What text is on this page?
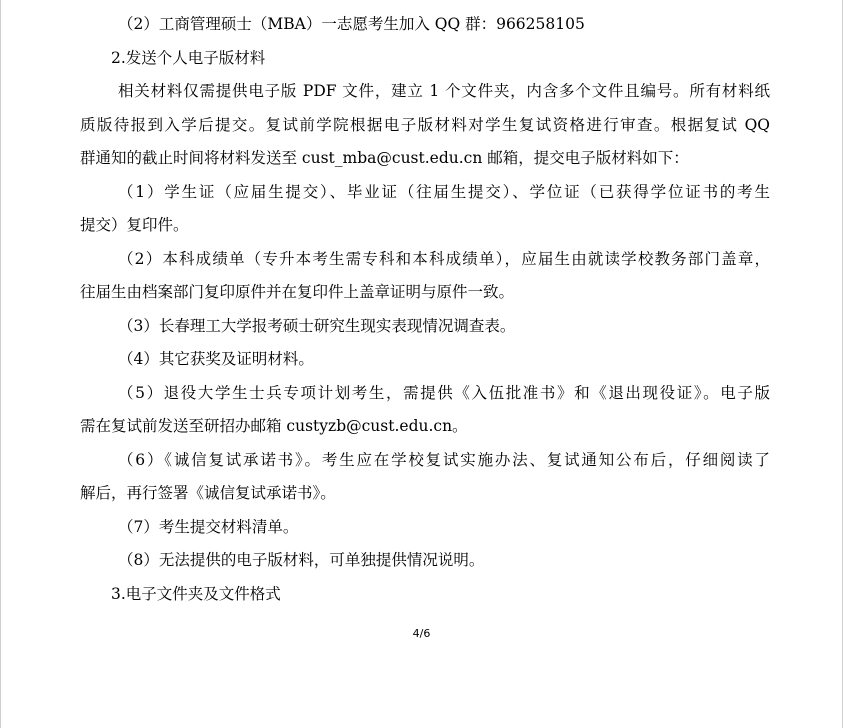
（2）工商管理硕士（MBA）一志愿考生加入 QQ 群：966258105
2.发送个人电子版材料
相关材料仅需提供电子版 PDF 文件，建立 1 个文件夹，内含多个文件且编号。所有材料纸
质版待报到入学后提交。复试前学院根据电子版材料对学生复试资格进行审查。根据复试 QQ
群通知的截止时间将材料发送至 cust_mba@cust.edu.cn 邮箱，提交电子版材料如下：
（1）学生证（应届生提交）、毕业证（往届生提交）、学位证（已获得学位证书的考生
提交）复印件。
（2）本科成绩单（专升本考生需专科和本科成绩单），应届生由就读学校教务部门盖章，
往届生由档案部门复印原件并在复印件上盖章证明与原件一致。
（3）长春理工大学报考硕士研究生现实表现情况调查表。
（4）其它获奖及证明材料。
（5）退役大学生士兵专项计划考生，需提供《入伍批准书》和《退出现役证》。电子版
需在复试前发送至研招办邮箱 custyzb@cust.edu.cn。
（6）《诚信复试承诺书》。考生应在学校复试实施办法、复试通知公布后，仔细阅读了
解后，再行签署《诚信复试承诺书》。
（7）考生提交材料清单。
（8）无法提供的电子版材料，可单独提供情况说明。
3.电子文件夹及文件格式
4/6
